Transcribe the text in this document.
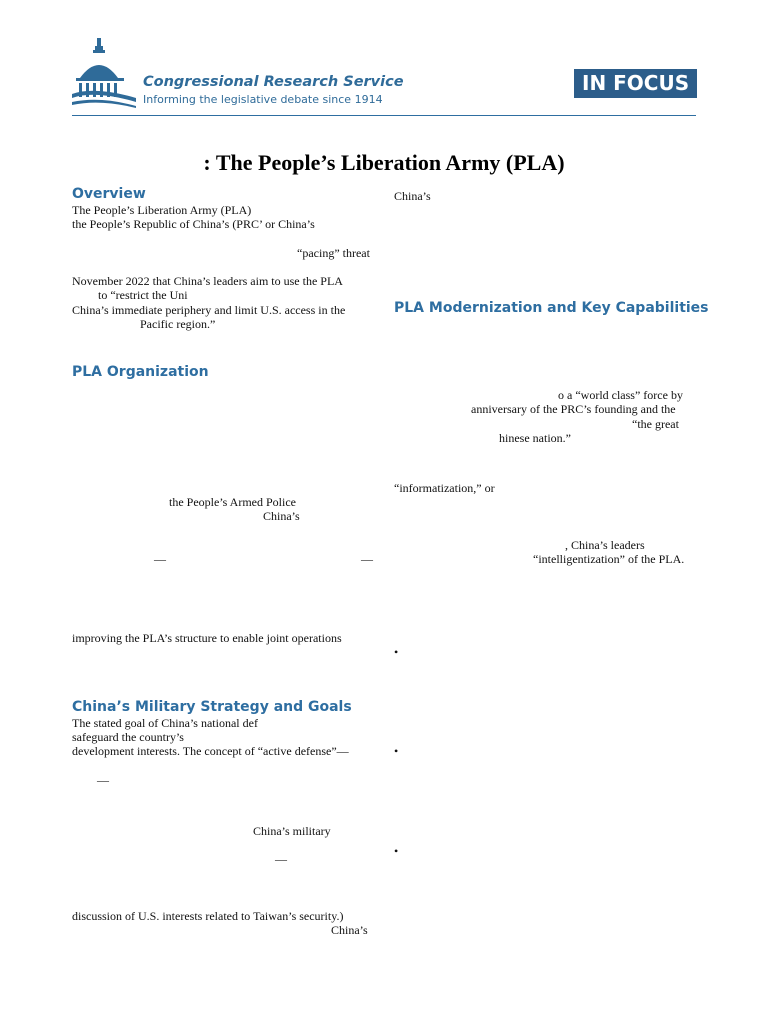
Congressional Research Service
Informing the legislative debate since 1914
IN FOCUS
: The People’s Liberation Army (PLA)
Overview
The People’s Liberation Army (PLA)
the People’s Republic of China’s (PRC’ or China’s
“pacing” threat
November 2022 that China’s leaders aim to use the PLA
to “restrict the Uni
China’s immediate periphery and limit U.S. access in the
Pacific region.”
PLA Organization
the People’s Armed Police
China’s
—	—
improving the PLA’s structure to enable joint operations
China’s Military Strategy and Goals
The stated goal of China’s national def
safeguard the country’s
development interests. The concept of “active defense”—
—
China’s military
—
discussion of U.S. interests related to Taiwan’s security.)
China’s
China’s
PLA Modernization and Key Capabilities
o a “world class” force by
anniversary of the PRC’s founding and the
“the great
hinese nation.”
“informatization,” or
, China’s leaders
“intelligentization” of the PLA.
•
•
•
